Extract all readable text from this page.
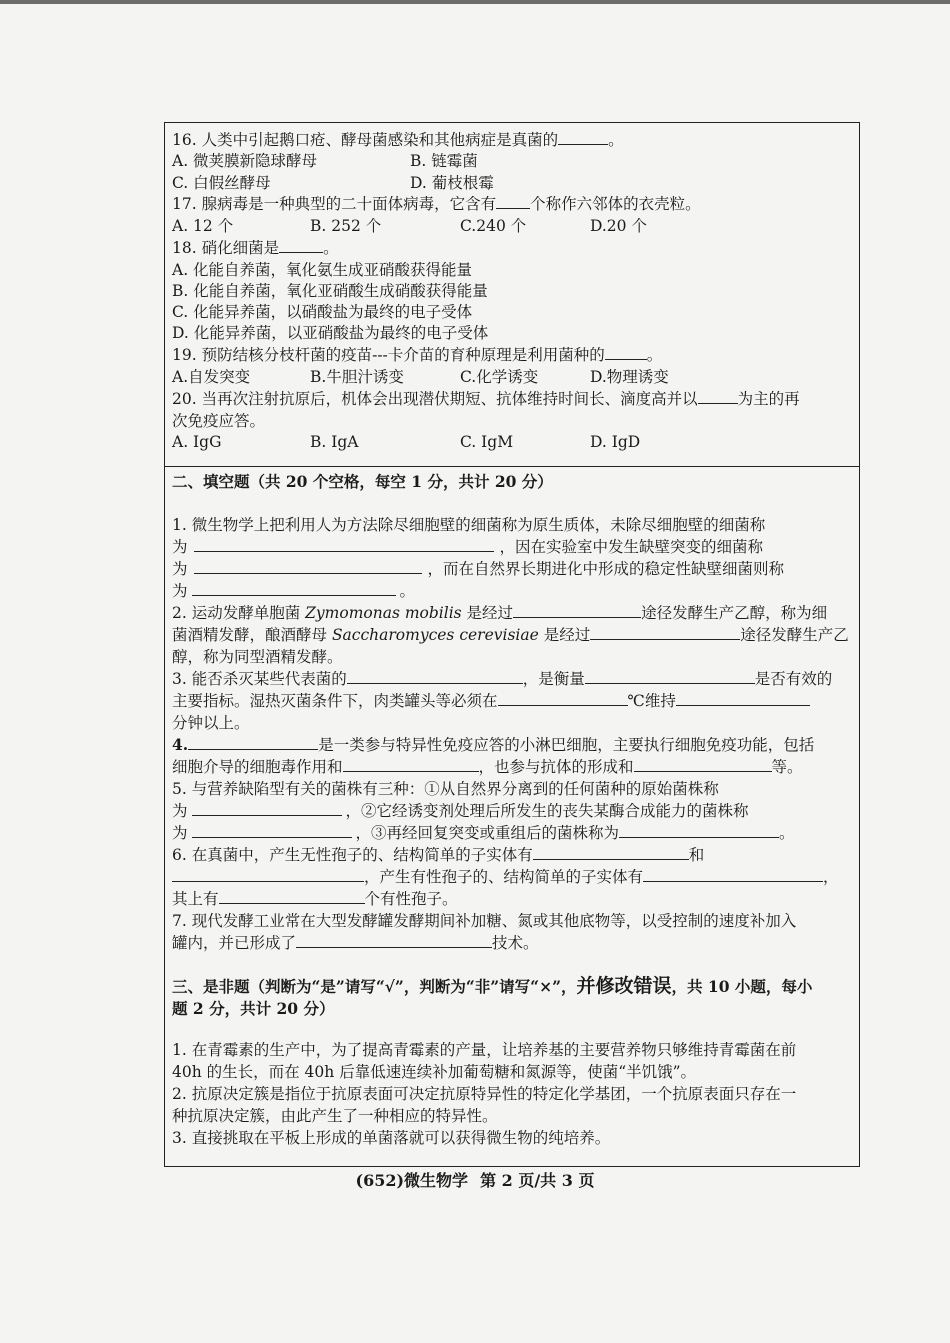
16. 人类中引起鹅口疮、酵母菌感染和其他病症是真菌的	。
A. 微荚膜新隐球酵母	B. 链霉菌
C. 白假丝酵母	D. 葡枝根霉
17. 腺病毒是一种典型的二十面体病毒，它含有 个称作六邻体的衣壳粒。
A. 12 个	B. 252 个	C.240 个	D.20 个
18. 硝化细菌是	。
A. 化能自养菌，氧化氨生成亚硝酸获得能量
B. 化能自养菌，氧化亚硝酸生成硝酸获得能量
C. 化能异养菌，以硝酸盐为最终的电子受体
D. 化能异养菌，以亚硝酸盐为最终的电子受体
19. 预防结核分枝杆菌的疫苗---卡介苗的育种原理是利用菌种的	。
A.自发突变	B.牛胆汁诱变	C.化学诱变	D.物理诱变
20. 当再次注射抗原后，机体会出现潜伏期短、抗体维持时间长、滴度高并以	为主的再
次免疫应答。
A. IgG	B. IgA	C. IgM	D. IgD
二、填空题（共 20 个空格，每空 1 分，共计 20 分）
1. 微生物学上把利用人为方法除尽细胞壁的细菌称为原生质体，未除尽细胞壁的细菌称
为	，因在实验室中发生缺壁突变的细菌称
为	，而在自然界长期进化中形成的稳定性缺壁细菌则称
为	。
2. 运动发酵单胞菌 Zymomonas mobilis 是经过	途径发酵生产乙醇，称为细
菌酒精发酵，酿酒酵母 Saccharomyces cerevisiae 是经过	途径发酵生产乙
醇，称为同型酒精发酵。
3. 能否杀灭某些代表菌的	，是衡量	是否有效的
主要指标。湿热灭菌条件下，肉类罐头等必须在	℃维持
分钟以上。
4.	是一类参与特异性免疫应答的小淋巴细胞，主要执行细胞免疫功能，包括
细胞介导的细胞毒作用和	，也参与抗体的形成和	等。
5. 与营养缺陷型有关的菌株有三种：①从自然界分离到的任何菌种的原始菌株称
为	，②它经诱变剂处理后所发生的丧失某酶合成能力的菌株称
为	，③再经回复突变或重组后的菌株称为	。
6. 在真菌中，产生无性孢子的、结构简单的子实体有	和
，产生有性孢子的、结构简单的子实体有	，
其上有	个有性孢子。
7. 现代发酵工业常在大型发酵罐发酵期间补加糖、氮或其他底物等，以受控制的速度补加入
罐内，并已形成了	技术。
三、是非题（判断为“是”请写“√”，判断为“非”请写“×”，并修改错误，共 10 小题，每小
题 2 分，共计 20 分）
1. 在青霉素的生产中，为了提高青霉素的产量，让培养基的主要营养物只够维持青霉菌在前
40h 的生长，而在 40h 后靠低速连续补加葡萄糖和氮源等，使菌“半饥饿”。
2. 抗原决定簇是指位于抗原表面可决定抗原特异性的特定化学基团，一个抗原表面只存在一
种抗原决定簇，由此产生了一种相应的特异性。
3. 直接挑取在平板上形成的单菌落就可以获得微生物的纯培养。
(652)微生物学 第 2 页/共 3 页
